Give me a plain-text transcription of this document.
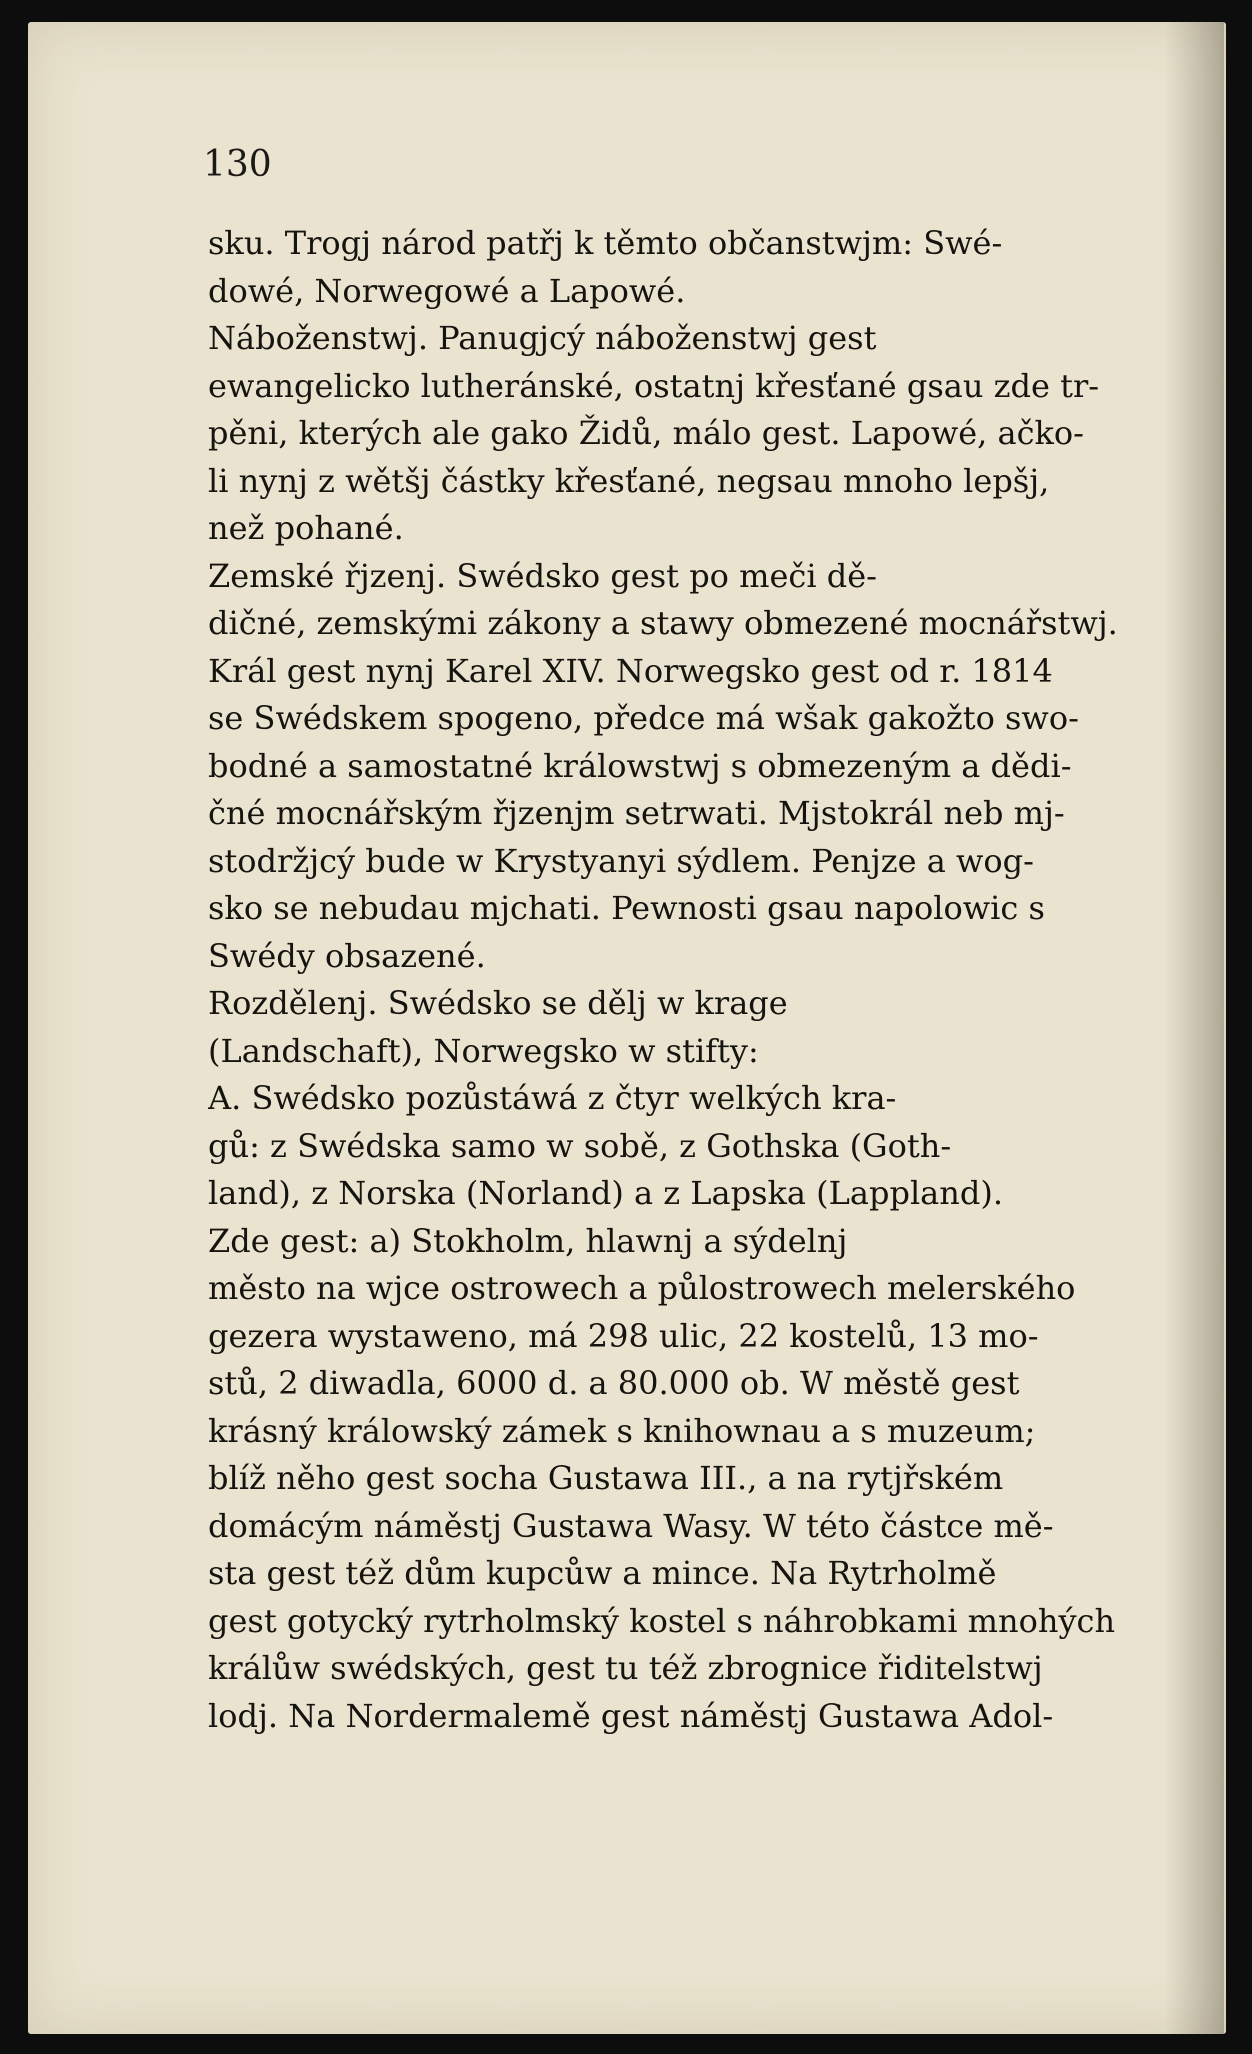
130
sku. Trogj národ patřj k těmto občanstwjm: Swé-
dowé, Norwegowé a Lapowé.
Náboženstwj. Panugjcý náboženstwj gest
ewangelicko lutheránské, ostatnj křesťané gsau zde tr-
pěni, kterých ale gako Židů, málo gest. Lapowé, ačko-
li nynj z wětšj částky křesťané, negsau mnoho lepšj,
než pohané.
Zemské řjzenj. Swédsko gest po meči dě-
dičné, zemskými zákony a stawy obmezené mocnářstwj.
Král gest nynj Karel XIV. Norwegsko gest od r. 1814
se Swédskem spogeno, předce má wšak gakožto swo-
bodné a samostatné králowstwj s obmezeným a dědi-
čné mocnářským řjzenjm setrwati. Mjstokrál neb mj-
stodržjcý bude w Krystyanyi sýdlem. Penjze a wog-
sko se nebudau mjchati. Pewnosti gsau napolowic s
Swédy obsazené.
Rozdělenj. Swédsko se dělj w krage
(Landschaft), Norwegsko w stifty:
A. Swédsko pozůstáwá z čtyr welkých kra-
gů: z Swédska samo w sobě, z Gothska (Goth-
land), z Norska (Norland) a z Lapska (Lappland).
Zde gest: a) Stokholm, hlawnj a sýdelnj
město na wjce ostrowech a půlostrowech melerského
gezera wystaweno, má 298 ulic, 22 kostelů, 13 mo-
stů, 2 diwadla, 6000 d. a 80.000 ob. W městě gest
krásný králowský zámek s knihownau a s muzeum;
blíž něho gest socha Gustawa III., a na rytjřském
domácým náměstj Gustawa Wasy. W této částce mě-
sta gest též dům kupcůw a mince. Na Rytrholmě
gest gotycký rytrholmský kostel s náhrobkami mnohých
králůw swédských, gest tu též zbrognice řiditelstwj
lodj. Na Nordermalemě gest náměstj Gustawa Adol-
